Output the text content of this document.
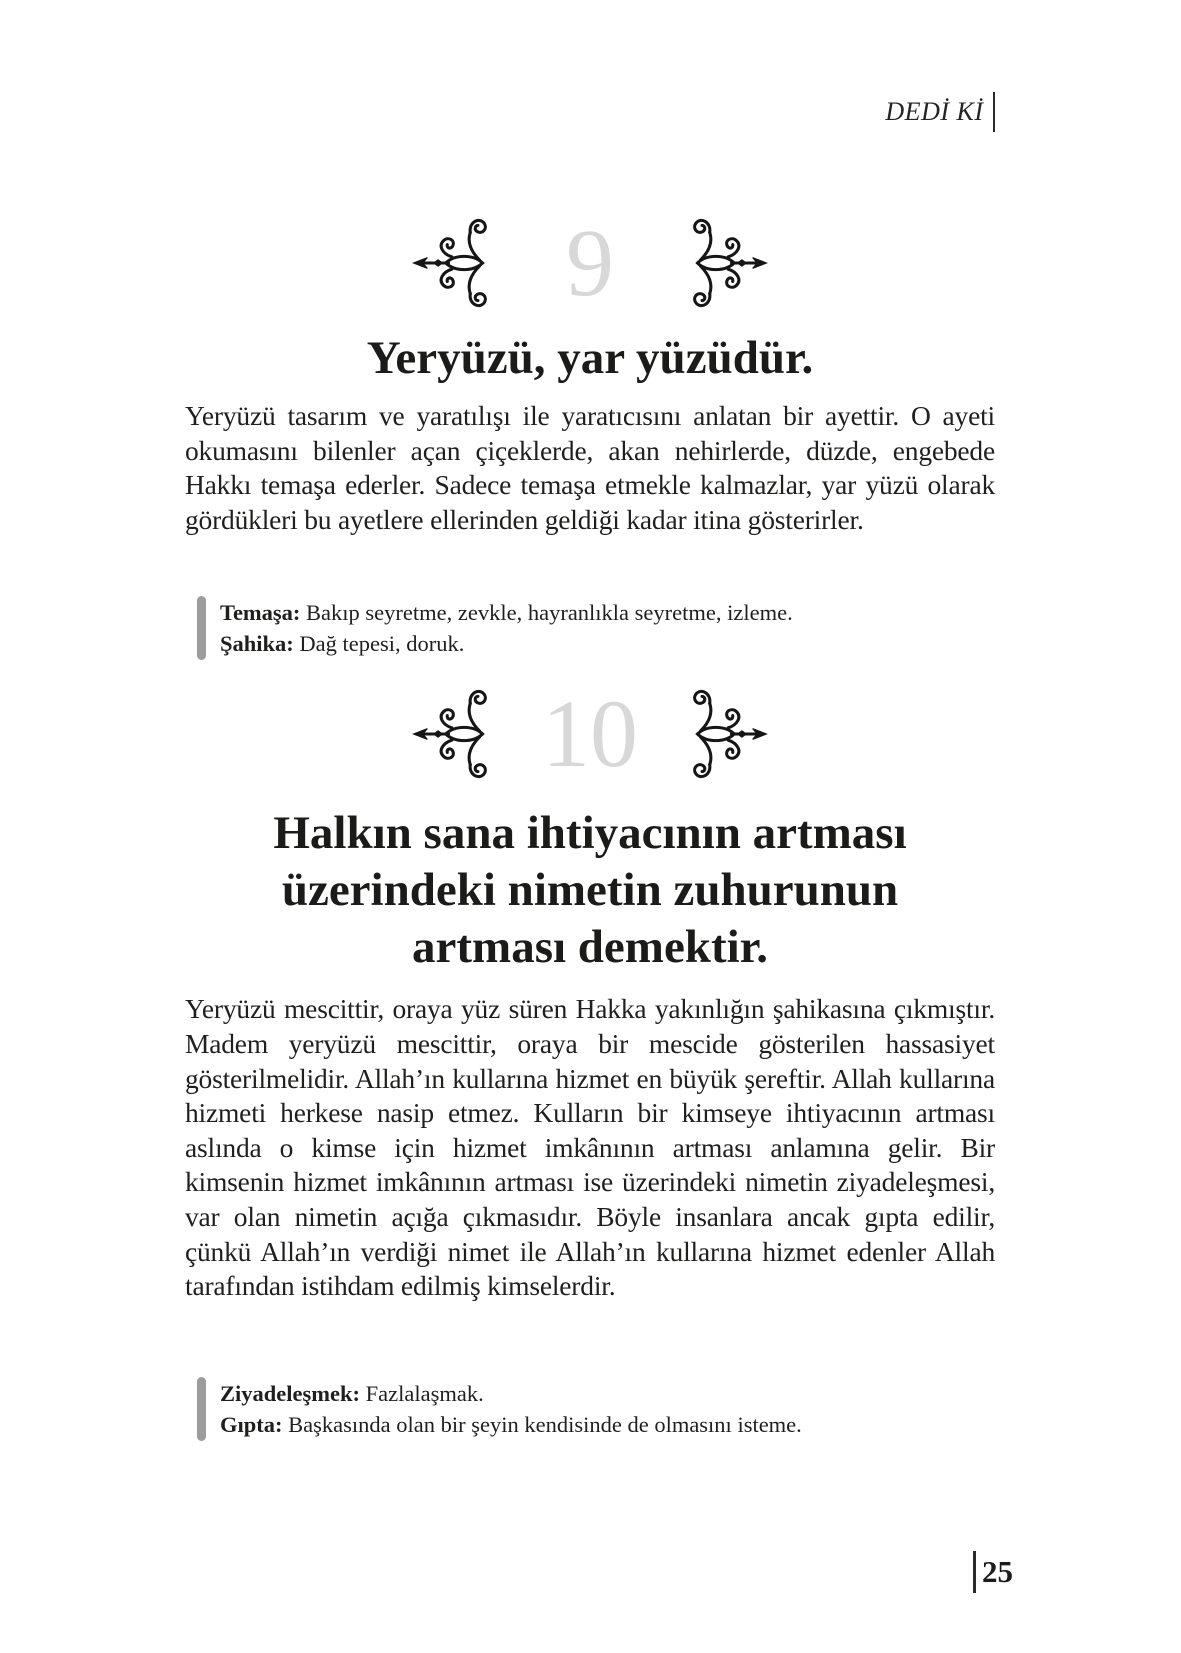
DEDİ Kİ
9
Yeryüzü, yar yüzüdür.

Yeryüzü tasarım ve yaratılışı ile yaratıcısını anlatan bir ayettir. O ayeti okumasını bilenler açan çiçeklerde, akan nehirlerde, düzde, engebede Hakkı temaşa ederler. Sadece temaşa etmekle kalmazlar, yar yüzü olarak gördükleri bu ayetlere ellerinden geldiği kadar itina gösterirler.

Temaşa: Bakıp seyretme, zevkle, hayranlıkla seyretme, izleme.
Şahika: Dağ tepesi, doruk.
10
Halkın sana ihtiyacının artması
üzerindeki nimetin zuhurunun
artması demektir.

Yeryüzü mescittir, oraya yüz süren Hakka yakınlığın şahikasına çıkmıştır. Madem yeryüzü mescittir, oraya bir mescide gösterilen hassasiyet gösterilmelidir. Allah’ın kullarına hizmet en büyük şereftir. Allah kullarına hizmeti herkese nasip etmez. Kulların bir kimseye ihtiyacının artması aslında o kimse için hizmet imkânının artması anlamına gelir. Bir kimsenin hizmet imkânının artması ise üzerindeki nimetin ziyadeleşmesi, var olan nimetin açığa çıkmasıdır. Böyle insanlara ancak gıpta edilir, çünkü Allah’ın verdiği nimet ile Allah’ın kullarına hizmet edenler Allah tarafından istihdam edilmiş kimselerdir.

Ziyadeleşmek: Fazlalaşmak.
Gıpta: Başkasında olan bir şeyin kendisinde de olmasını isteme.
25
